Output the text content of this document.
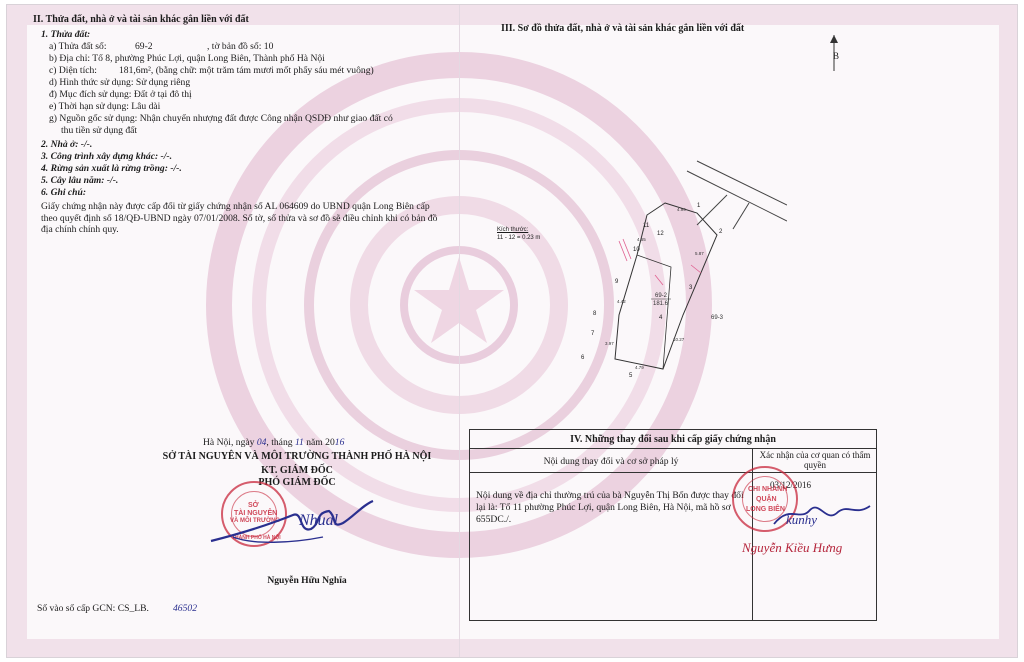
II. Thửa đất, nhà ở và tài sản khác gắn liền với đất
1. Thửa đất:
a) Thửa đất số:	69-2	, tờ bản đồ số: 10
b) Địa chỉ: Tổ 8, phường Phúc Lợi, quận Long Biên, Thành phố Hà Nội
c) Diện tích: 181,6m², (bằng chữ: một trăm tám mươi mốt phẩy sáu mét vuông)
d) Hình thức sử dụng: Sử dụng riêng
đ) Mục đích sử dụng: Đất ở tại đô thị
e) Thời hạn sử dụng: Lâu dài
g) Nguồn gốc sử dụng: Nhận chuyển nhượng đất được Công nhận QSDĐ như giao đất có
thu tiền sử dụng đất
2. Nhà ở: -/-.
3. Công trình xây dựng khác: -/-.
4. Rừng sản xuất là rừng trồng: -/-.
5. Cây lâu năm: -/-.
6. Ghi chú:
Giấy chứng nhận này được cấp đổi từ giấy chứng nhận số AL 064609 do UBND quận Long Biên cấp theo quyết định số 18/QĐ-UBND ngày 07/01/2008. Số tờ, số thửa và sơ đồ sẽ điều chỉnh khi có bản đồ địa chính chính quy.
Hà Nội, ngày 04, tháng 11 năm 2016
SỞ TÀI NGUYÊN VÀ MÔI TRƯỜNG THÀNH PHỐ HÀ NỘI
KT. GIÁM ĐỐC
PHÓ GIÁM ĐỐC
SỞ
TÀI NGUYÊN
VÀ MÔI TRƯỜNG
THÀNH PHỐ HÀ NỘI
Nhual
Nguyễn Hữu Nghĩa
Số vào sổ cấp GCN: CS_LB.	46502
III. Sơ đồ thửa đất, nhà ở và tài sản khác gắn liền với đất
B
Kích thước:
11 - 12 = 0.23 m
69-2
181.6
69-3
1
2
3
4
5
6
7
8
9
10
11
12
4.94
4.65
4.42
4.79
10.27
5.87
3.97
IV. Những thay đổi sau khi cấp giấy chứng nhận
Nội dung thay đổi và cơ sở pháp lý
Xác nhận của cơ quan có thẩm quyền
Nội dung về địa chỉ thường trú của bà Nguyễn Thị Bốn được thay đổi lại là: Tổ 11 phường Phúc Lợi, quận Long Biên, Hà Nội, mã hồ sơ 655DC./.
03/12/2016
CHI NHÁNH
QUẬN
LONG BIÊN
kunhy
Nguyễn Kiều Hưng
